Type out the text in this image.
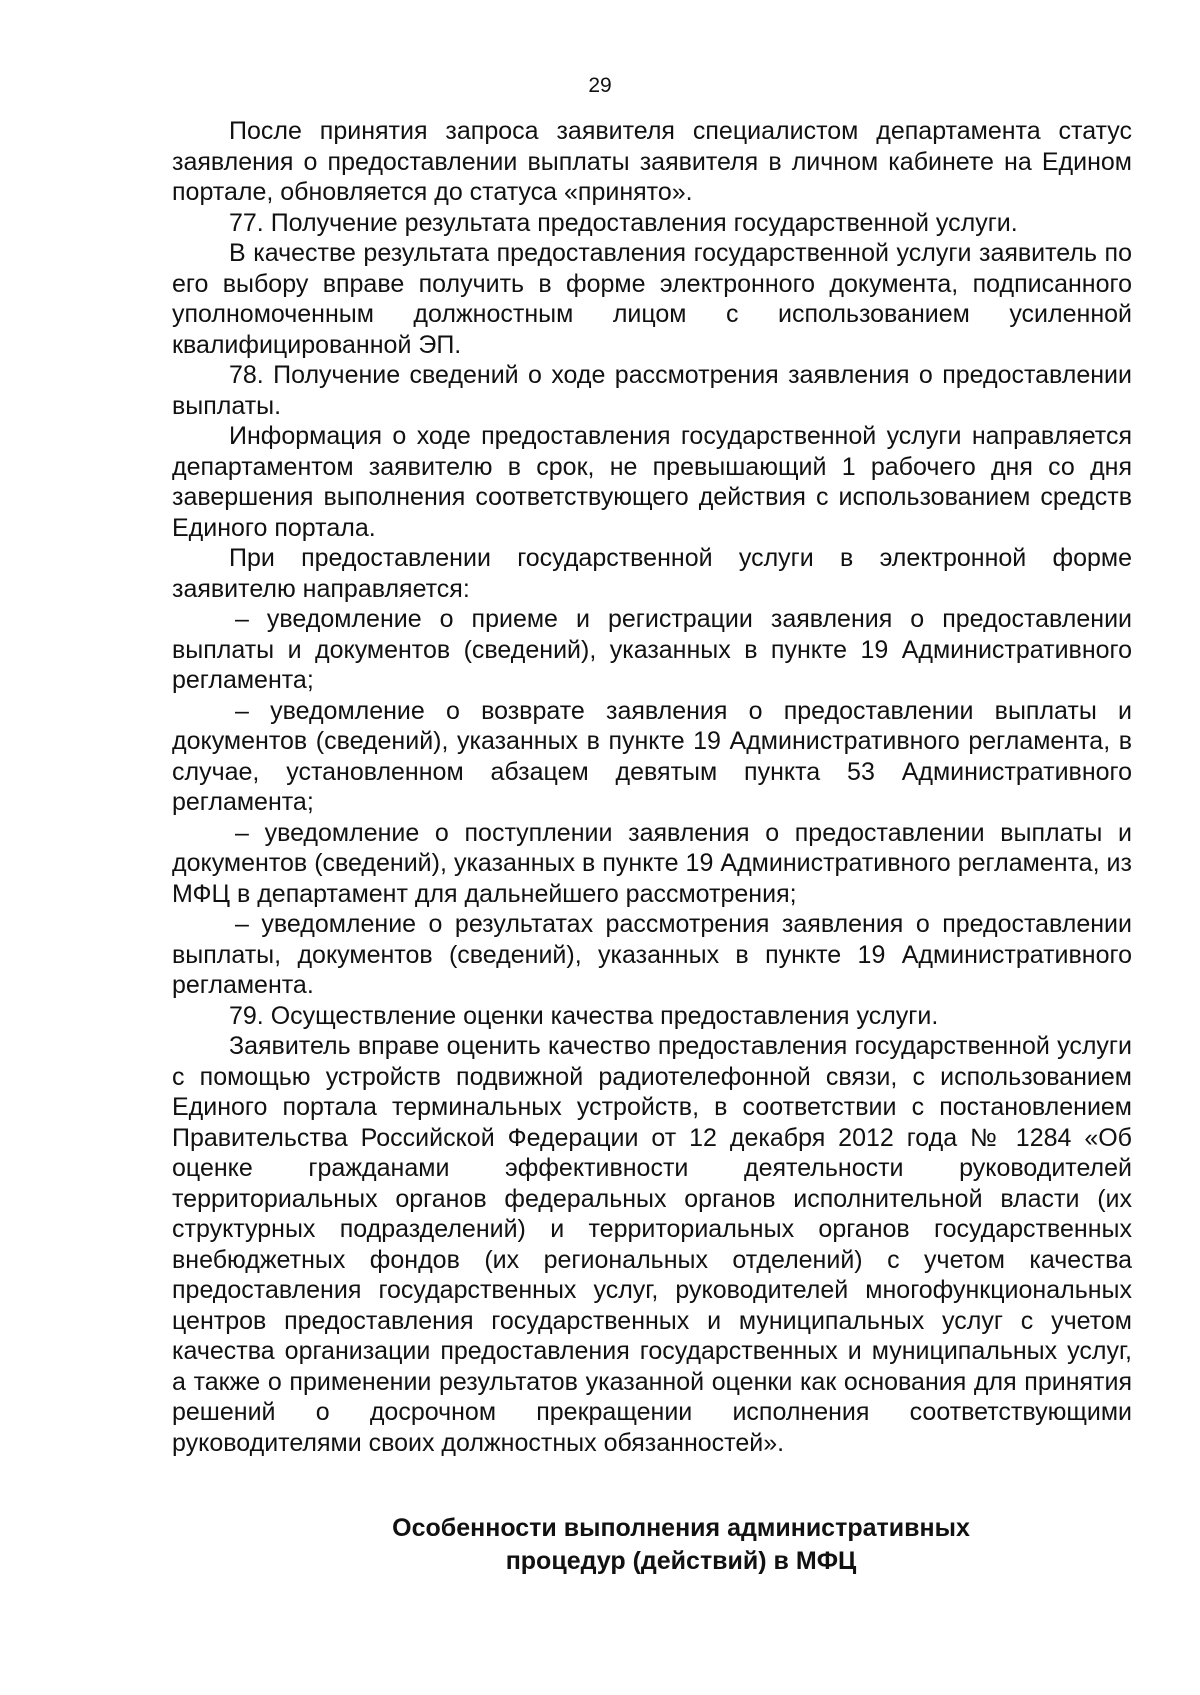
29

После принятия запроса заявителя специалистом департамента статус заявления о предоставлении выплаты заявителя в личном кабинете на Едином портале, обновляется до статуса «принято».

77. Получение результата предоставления государственной услуги.

В качестве результата предоставления государственной услуги заявитель по его выбору вправе получить в форме электронного документа, подписанного уполномоченным должностным лицом с использованием усиленной квалифицированной ЭП.

78. Получение сведений о ходе рассмотрения заявления о предоставлении выплаты.

Информация о ходе предоставления государственной услуги направляется департаментом заявителю в срок, не превышающий 1 рабочего дня со дня завершения выполнения соответствующего действия с использованием средств Единого портала.

При предоставлении государственной услуги в электронной форме заявителю направляется:

– уведомление о приеме и регистрации заявления о предоставлении выплаты и документов (сведений), указанных в пункте 19 Административного регламента;

– уведомление о возврате заявления о предоставлении выплаты и документов (сведений), указанных в пункте 19 Административного регламента, в случае, установленном абзацем девятым пункта 53 Административного регламента;

– уведомление о поступлении заявления о предоставлении выплаты и документов (сведений), указанных в пункте 19 Административного регламента, из МФЦ в департамент для дальнейшего рассмотрения;

– уведомление о результатах рассмотрения заявления о предоставлении выплаты, документов (сведений), указанных в пункте 19 Административного регламента.

79. Осуществление оценки качества предоставления услуги.

Заявитель вправе оценить качество предоставления государственной услуги с помощью устройств подвижной радиотелефонной связи, с использованием Единого портала терминальных устройств, в соответствии с постановлением Правительства Российской Федерации от 12 декабря 2012 года № 1284 «Об оценке гражданами эффективности деятельности руководителей территориальных органов федеральных органов исполнительной власти (их структурных подразделений) и территориальных органов государственных внебюджетных фондов (их региональных отделений) с учетом качества предоставления государственных услуг, руководителей многофункциональных центров предоставления государственных и муниципальных услуг с учетом качества организации предоставления государственных и муниципальных услуг, а также о применении результатов указанной оценки как основания для принятия решений о досрочном прекращении исполнения соответствующими руководителями своих должностных обязанностей».

Особенности выполнения административных
процедур (действий) в МФЦ
